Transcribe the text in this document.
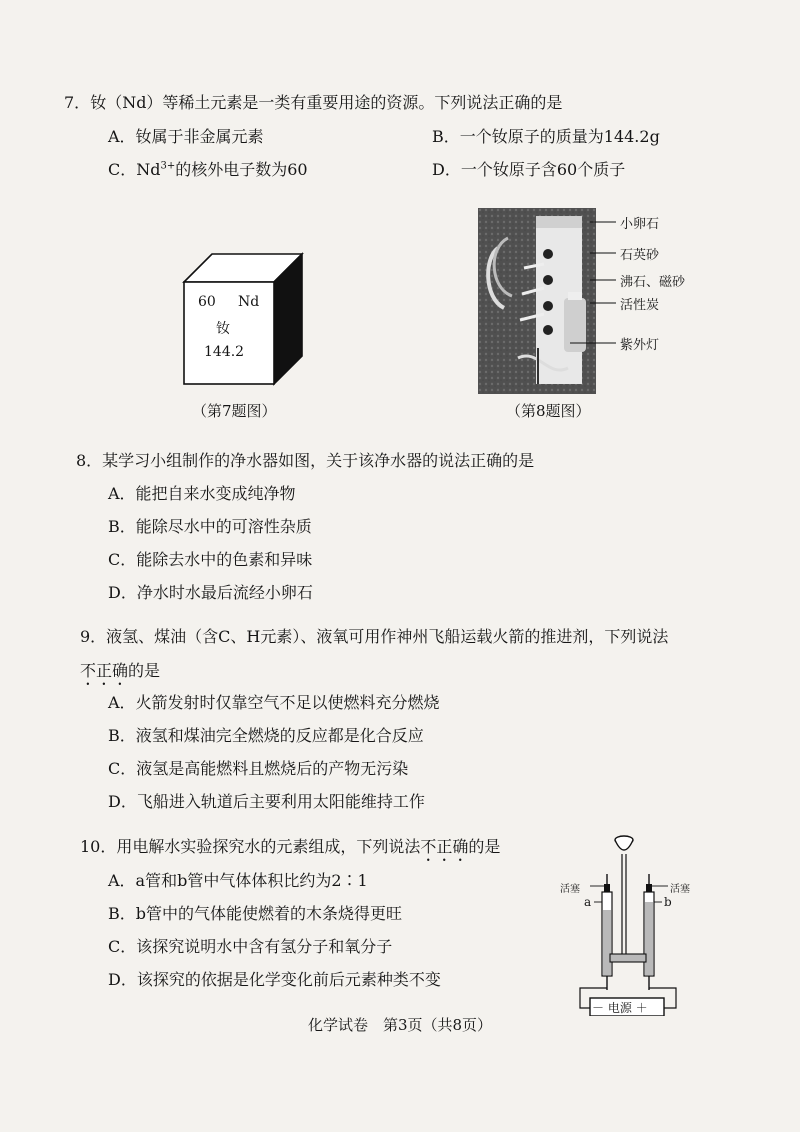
7．钕（Nd）等稀土元素是一类有重要用途的资源。下列说法正确的是
A．钕属于非金属元素	B．一个钕原子的质量为144.2g
C．$Nd^{3+}$的核外电子数为60	D．一个钕原子含60个质子
60 Nd
钕
144.2
（第7题图）
小卵石
石英砂
沸石、磁砂
活性炭
紫外灯
（第8题图）
8．某学习小组制作的净水器如图，关于该净水器的说法正确的是
A．能把自来水变成纯净物
B．能除尽水中的可溶性杂质
C．能除去水中的色素和异味
D．净水时水最后流经小卵石
9．液氢、煤油（含C、H元素）、液氧可用作神州飞船运载火箭的推进剂，下列说法
不正确的是
A．火箭发射时仅靠空气不足以使燃料充分燃烧
B．液氢和煤油完全燃烧的反应都是化合反应
C．液氢是高能燃料且燃烧后的产物无污染
D．飞船进入轨道后主要利用太阳能维持工作
10．用电解水实验探究水的元素组成，下列说法不正确的是
A．a管和b管中气体体积比约为2∶1
B．b管中的气体能使燃着的木条烧得更旺
C．该探究说明水中含有氢分子和氧分子
D．该探究的依据是化学变化前后元素种类不变
活塞	活塞
a	b
－ 电源 ＋
化学试卷　第3页（共8页）
